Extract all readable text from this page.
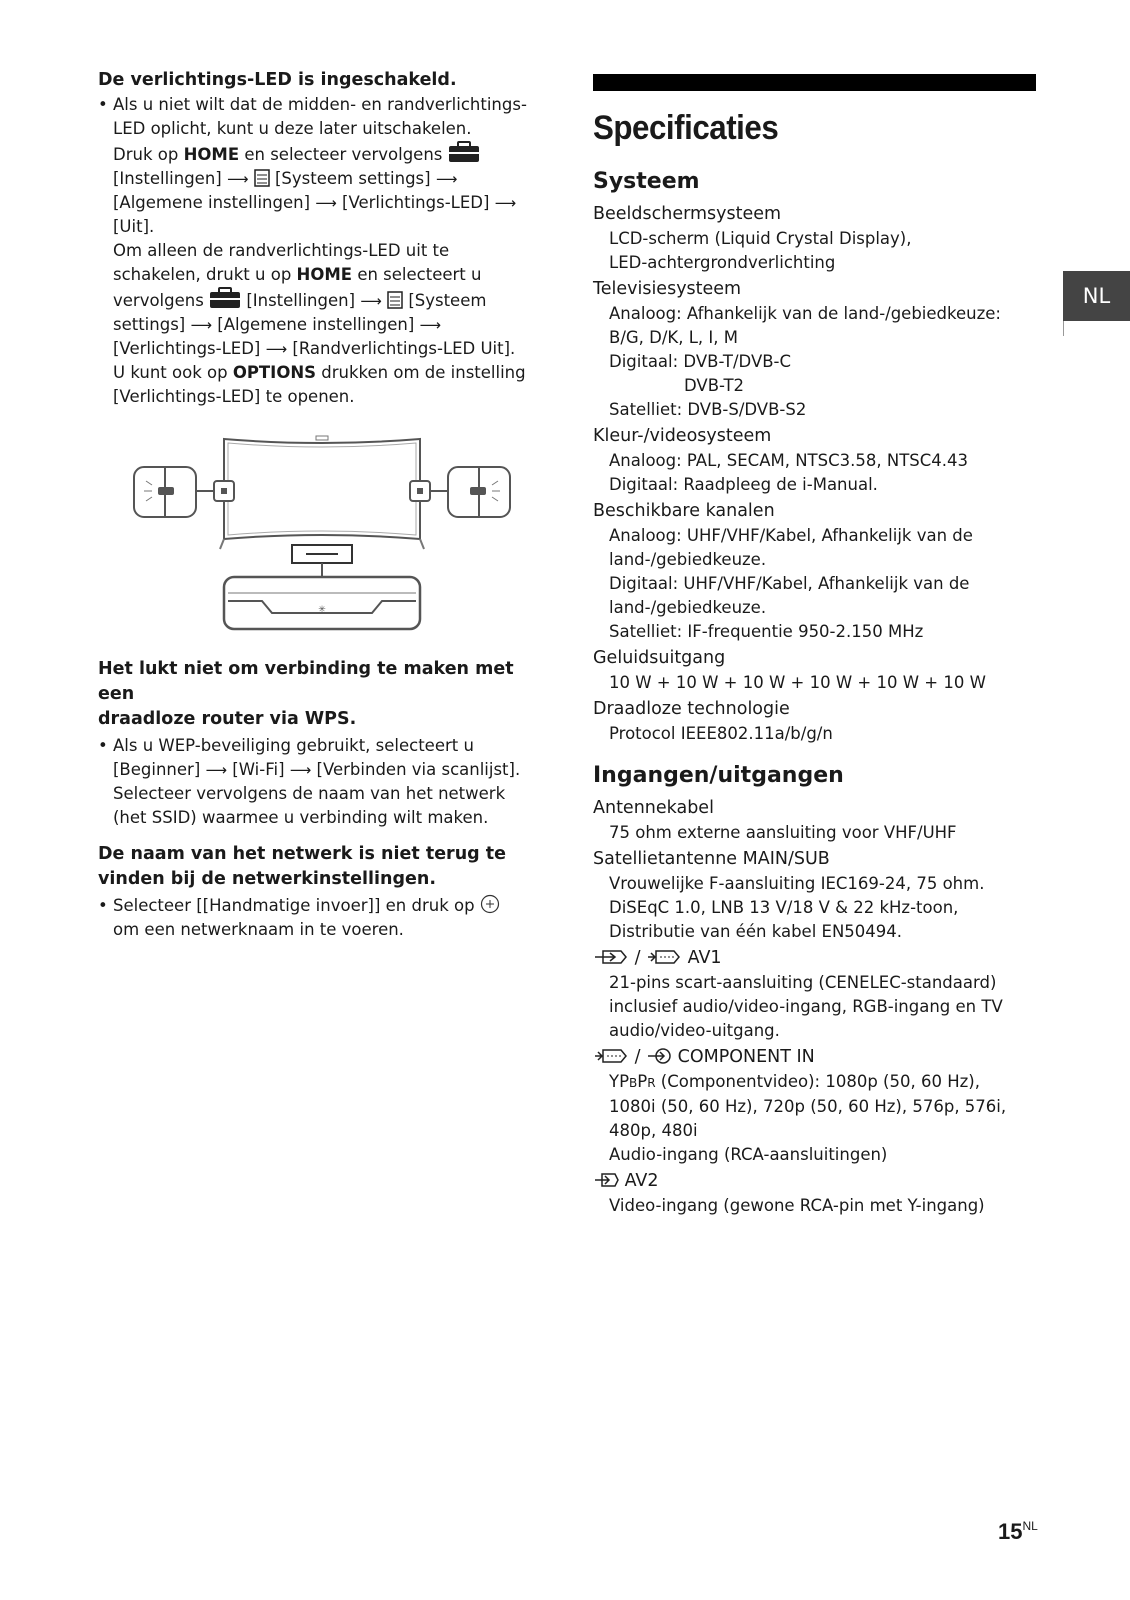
De verlichtings-LED is ingeschakeld.

• Als u niet wilt dat de midden- en randverlichtings-
LED oplicht, kunt u deze later uitschakelen.
Druk op HOME en selecteer vervolgens
[Instellingen] ⟶ [Systeem settings] ⟶
[Algemene instellingen] ⟶ [Verlichtings-LED] ⟶
[Uit].
Om alleen de randverlichtings-LED uit te
schakelen, drukt u op HOME en selecteert u
vervolgens	[Instellingen] ⟶ [Systeem
settings] ⟶ [Algemene instellingen] ⟶
[Verlichtings-LED] ⟶ [Randverlichtings-LED Uit].
U kunt ook op OPTIONS drukken om de instelling
[Verlichtings-LED] te openen.
✳

Het lukt niet om verbinding te maken met een
draadloze router via WPS.

• Als u WEP-beveiliging gebruikt, selecteert u
[Beginner] ⟶ [Wi-Fi] ⟶ [Verbinden via scanlijst].
Selecteer vervolgens de naam van het netwerk
(het SSID) waarmee u verbinding wilt maken.

De naam van het netwerk is niet terug te
vinden bij de netwerkinstellingen.

• Selecteer [[Handmatige invoer]] en druk op
om een netwerknaam in te voeren.
Specificaties
Systeem
Beeldschermsysteem
LCD-scherm (Liquid Crystal Display),
LED-achtergrondverlichting
Televisiesysteem
Analoog: Afhankelijk van de land-/gebiedkeuze:
B/G, D/K, L, I, M
Digitaal: DVB-T/DVB-C
DVB-T2
Satelliet: DVB-S/DVB-S2
Kleur-/videosysteem
Analoog: PAL, SECAM, NTSC3.58, NTSC4.43
Digitaal: Raadpleeg de i-Manual.
Beschikbare kanalen
Analoog: UHF/VHF/Kabel, Afhankelijk van de
land-/gebiedkeuze.
Digitaal: UHF/VHF/Kabel, Afhankelijk van de
land-/gebiedkeuze.
Satelliet: IF-frequentie 950-2.150 MHz
Geluidsuitgang
10 W + 10 W + 10 W + 10 W + 10 W + 10 W
Draadloze technologie
Protocol IEEE802.11a/b/g/n
Ingangen/uitgangen
Antennekabel
75 ohm externe aansluiting voor VHF/UHF
Satellietantenne MAIN/SUB
Vrouwelijke F-aansluiting IEC169-24, 75 ohm.
DiSEqC 1.0, LNB 13 V/18 V & 22 kHz-toon,
Distributie van één kabel EN50494.
/  AV1
21-pins scart-aansluiting (CENELEC-standaard)
inclusief audio/video-ingang, RGB-ingang en TV
audio/video-uitgang.
/  COMPONENT IN
YPBPR (Componentvideo): 1080p (50, 60 Hz),
1080i (50, 60 Hz), 720p (50, 60 Hz), 576p, 576i,
480p, 480i
Audio-ingang (RCA-aansluitingen)
AV2
Video-ingang (gewone RCA-pin met Y-ingang)
NL
$15^{NL}$
